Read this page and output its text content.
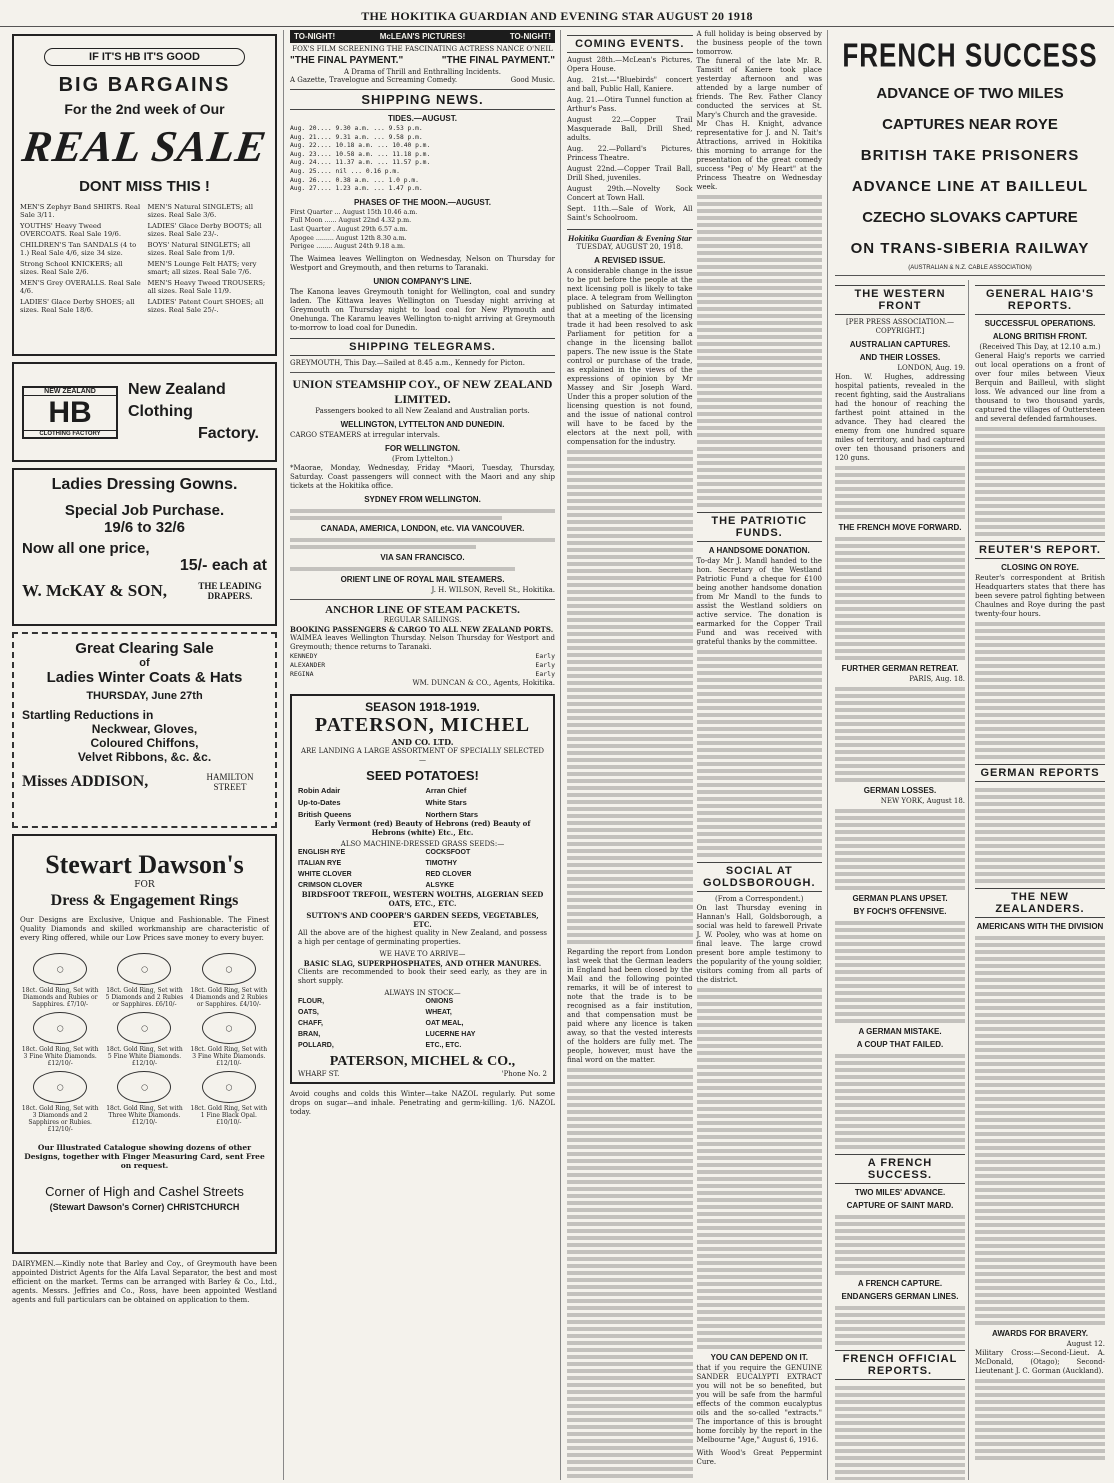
THE HOKITIKA GUARDIAN AND EVENING STAR AUGUST 20 1918
IF IT'S HB IT'S GOOD
BIG BARGAINS
For the 2nd week of Our
REAL SALE
DONT MISS THIS !
MEN'S Zephyr Band SHIRTS. Real Sale 3/11.
MEN'S Natural SINGLETS; all sizes. Real Sale 3/6.
YOUTHS' Heavy Tweed OVERCOATS. Real Sale 19/6.
LADIES' Glace Derby BOOTS; all sizes. Real Sale 23/-.
CHILDREN'S Tan SANDALS (4 to 1.) Real Sale 4/6, size 34 size.
BOYS' Natural SINGLETS; all sizes. Real Sale from 1/9.
Strong School KNICKERS; all sizes. Real Sale 2/6.
MEN'S Lounge Felt HATS; very smart; all sizes. Real Sale 7/6.
MEN'S Grey OVERALLS. Real Sale 4/6.
MEN'S Heavy Tweed TROUSERS; all sizes. Real Sale 11/9.
LADIES' Glace Derby SHOES; all sizes. Real Sale 18/6.
LADIES' Patent Court SHOES; all sizes. Real Sale 25/-.
NEW ZEALAND
HB
CLOTHING FACTORY
New Zealand
Clothing
Factory.
Ladies Dressing Gowns.
Special Job Purchase.
19/6 to 32/6
Now all one price,
15/- each at
W. McKAY & SON,	THE LEADING DRAPERS.
Great Clearing Sale
of
Ladies Winter Coats & Hats
THURSDAY, June 27th
Startling Reductions in
Neckwear, Gloves,
Coloured Chiffons,
Velvet Ribbons, &c. &c.
Misses ADDISON,	HAMILTON STREET
Stewart Dawson's
FOR
Dress & Engagement Rings
Our Designs are Exclusive, Unique and Fashionable. The Finest Quality Diamonds and skilled workmanship are characteristic of every Ring offered, while our Low Prices save money to every buyer.
◯
18ct. Gold Ring, Set with Diamonds and Rubies or Sapphires. £7/10/-
◯
18ct. Gold Ring, Set with 5 Diamonds and 2 Rubies or Sapphires. £6/10/-
◯
18ct. Gold Ring, Set with 4 Diamonds and 2 Rubies or Sapphires. £4/10/-
◯
18ct. Gold Ring, Set with 3 Fine White Diamonds. £12/10/-
◯
18ct. Gold Ring, Set with 5 Fine White Diamonds. £12/10/-
◯
18ct. Gold Ring, Set with 3 Fine White Diamonds. £12/10/-
◯
18ct. Gold Ring, Set with 3 Diamonds and 2 Sapphires or Rubies. £12/10/-
◯
18ct. Gold Ring, Set with Three White Diamonds. £12/10/-
◯
18ct. Gold Ring, Set with 1 Fine Black Opal. £10/10/-
Our Illustrated Catalogue showing dozens of other Designs, together with Finger Measuring Card, sent Free on request.
Corner of High and Cashel Streets
(Stewart Dawson's Corner) CHRISTCHURCH
DAIRYMEN.—Kindly note that Barley and Coy., of Greymouth have been appointed District Agents for the Alfa Laval Separator, the best and most efficient on the market. Terms can be arranged with Barley & Co., Ltd., agents. Messrs. Jeffries and Co., Ross, have been appointed Westland agents and full particulars can be obtained on application to them.
TO-NIGHT!	McLEAN'S PICTURES!	TO-NIGHT!
FOX'S FILM SCREENING THE FASCINATING ACTRESS NANCE O'NEIL
"THE FINAL PAYMENT."	"THE FINAL PAYMENT."
A Drama of Thrill and Enthralling Incidents.
A Gazette, Travelogue and Screaming Comedy.	Good Music.
SHIPPING NEWS.
TIDES.—AUGUST.
Aug. 20.... 9.30 a.m. ... 9.53 p.m.
Aug. 21.... 9.31 a.m. ... 9.58 p.m.
Aug. 22.... 10.18 a.m. ... 10.40 p.m.
Aug. 23.... 10.58 a.m. ... 11.18 p.m.
Aug. 24.... 11.37 a.m. ... 11.57 p.m.
Aug. 25.... nil ... 0.16 p.m.
Aug. 26.... 0.38 a.m. ... 1.0 p.m.
Aug. 27.... 1.23 a.m. ... 1.47 p.m.
PHASES OF THE MOON.—AUGUST.
First Quarter ... August 15th 10.46 a.m.
Full Moon ...... August 22nd 4.32 p.m.
Last Quarter . August 29th 6.57 a.m.
Apogee ......... August 12th 8.30 a.m.
Perigee ........ August 24th 9.18 a.m.
The Waimea leaves Wellington on Wednesday, Nelson on Thursday for Westport and Greymouth, and then returns to Taranaki.
UNION COMPANY'S LINE.
The Kanona leaves Greymouth tonight for Wellington, coal and sundry laden. The Kittawa leaves Wellington on Tuesday night arriving at Greymouth on Thursday night to load coal for New Plymouth and Onehunga. The Karamu leaves Wellington to-night arriving at Greymouth to-morrow to load coal for Dunedin.
SHIPPING TELEGRAMS.
GREYMOUTH, This Day.—Sailed at 8.45 a.m., Kennedy for Picton.
UNION STEAMSHIP COY., OF NEW ZEALAND LIMITED.
Passengers booked to all New Zealand and Australian ports.
WELLINGTON, LYTTELTON AND DUNEDIN.
CARGO STEAMERS at irregular intervals.
FOR WELLINGTON.
(From Lyttelton.)
*Maorae, Monday, Wednesday, Friday *Maori, Tuesday, Thursday, Saturday. Coast passengers will connect with the Maori and any ship tickets at the Hokitika office.
SYDNEY FROM WELLINGTON.
CANADA, AMERICA, LONDON, etc. VIA VANCOUVER.
VIA SAN FRANCISCO.
ORIENT LINE OF ROYAL MAIL STEAMERS.
J. H. WILSON, Revell St., Hokitika.
ANCHOR LINE OF STEAM PACKETS.
REGULAR SAILINGS.
BOOKING PASSENGERS & CARGO TO ALL NEW ZEALAND PORTS.
WAIMEA leaves Wellington Thursday. Nelson Thursday for Westport and Greymouth; thence returns to Taranaki.
KENNEDY	Early
ALEXANDER	Early
REGINA	Early
WM. DUNCAN & CO., Agents, Hokitika.
SEASON 1918-1919.
PATERSON, MICHEL
AND CO. LTD.
ARE LANDING A LARGE ASSORTMENT OF SPECIALLY SELECTED—
SEED POTATOES!
Robin Adair	Arran Chief
Up-to-Dates	White Stars
British Queens	Northern Stars
Early Vermont (red) Beauty of Hebrons (red) Beauty of Hebrons (white) Etc., Etc.
ALSO MACHINE-DRESSED GRASS SEEDS:—
ENGLISH RYE	COCKSFOOT
ITALIAN RYE	TIMOTHY
WHITE CLOVER	RED CLOVER
CRIMSON CLOVER	ALSYKE
BIRDSFOOT TREFOIL, WESTERN WOLTHS, ALGERIAN SEED OATS, ETC., ETC.
SUTTON'S AND COOPER'S GARDEN SEEDS, VEGETABLES, ETC.
All the above are of the highest quality in New Zealand, and possess a high per centage of germinating properties.
WE HAVE TO ARRIVE—
BASIC SLAG, SUPERPHOSPHATES, AND OTHER MANURES.
Clients are recommended to book their seed early, as they are in short supply.
ALWAYS IN STOCK—
FLOUR,	ONIONS
OATS,	WHEAT,
CHAFF,	OAT MEAL,
BRAN,	LUCERNE HAY
POLLARD,	ETC., ETC.
PATERSON, MICHEL & CO.,
WHARF ST.	'Phone No. 2
Avoid coughs and colds this Winter—take NAZOL regularly. Put some drops on sugar—and inhale. Penetrating and germ-killing. 1/6. NAZOL today.
COMING EVENTS.

August 28th.—McLean's Pictures, Opera House.

Aug. 21st.—"Bluebirds" concert and ball, Public Hall, Kaniere.

Aug. 21.—Otira Tunnel function at Arthur's Pass.

August 22.—Copper Trail Masquerade Ball, Drill Shed, adults.

Aug. 22.—Pollard's Pictures, Princess Theatre.

August 22nd.—Copper Trail Ball, Drill Shed, juveniles.

August 29th.—Novelty Sock Concert at Town Hall.

Sept. 11th.—Sale of Work, All Saint's Schoolroom.

Hokitika Guardian & Evening Star
TUESDAY, AUGUST 20, 1918.
A REVISED ISSUE.
A considerable change in the issue to be put before the people at the next licensing poll is likely to take place. A telegram from Wellington published on Saturday intimated that at a meeting of the licensing trade it had been resolved to ask Parliament for petition for a change in the licensing ballot papers. The new issue is the State control or purchase of the trade, as explained in the views of the expressions of opinion by Mr Massey and Sir Joseph Ward. Under this a proper solution of the licensing question is not found, and the issue of national control will have to be faced by the electors at the next poll, with compensation for the industry.
Regarding the report from London last week that the German leaders in England had been closed by the Mail and the following pointed remarks, it will be of interest to note that the trade is to be recognised as a fair institution, and that compensation must be paid where any licence is taken away, so that the vested interests of the holders are fully met. The people, however, must have the final word on the matter.
A full holiday is being observed by the business people of the town tomorrow.
The funeral of the late Mr. R. Tamsitt of Kaniere took place yesterday afternoon and was attended by a large number of friends. The Rev. Father Clancy conducted the services at St. Mary's Church and the graveside.
Mr Chas H. Knight, advance representative for J. and N. Tait's Attractions, arrived in Hokitika this morning to arrange for the presentation of the great comedy success "Peg o' My Heart" at the Princess Theatre on Wednesday week.
THE PATRIOTIC FUNDS.
A HANDSOME DONATION.
To-day Mr J. Mandl handed to the hon. Secretary of the Westland Patriotic Fund a cheque for £100 being another handsome donation from Mr Mandl to the funds to assist the Westland soldiers on active service. The donation is earmarked for the Copper Trail Fund and was received with grateful thanks by the committee.
SOCIAL AT GOLDSBOROUGH.
(From a Correspondent.)
On last Thursday evening in Hannan's Hall, Goldsborough, a social was held to farewell Private J. W. Pooley, who was at home on final leave. The large crowd present bore ample testimony to the popularity of the young soldier, visitors coming from all parts of the district.
YOU CAN DEPEND ON IT.
that if you require the GENUINE SANDER EUCALYPTI EXTRACT you will not be so benefited, but you will be safe from the harmful effects of the common eucalyptus oils and the so-called "extracts." The importance of this is brought home forcibly by the report in the Melbourne "Age," August 6, 1916.
With Wood's Great Peppermint Cure.
FRENCH SUCCESS
ADVANCE OF TWO MILES
CAPTURES NEAR ROYE
BRITISH TAKE PRISONERS
ADVANCE LINE AT BAILLEUL
CZECHO SLOVAKS CAPTURE
ON TRANS-SIBERIA RAILWAY
(AUSTRALIAN & N.Z. CABLE ASSOCIATION)
THE WESTERN FRONT
[PER PRESS ASSOCIATION.—COPYRIGHT.]
AUSTRALIAN CAPTURES.
AND THEIR LOSSES.
LONDON, Aug. 19.
Hon. W. Hughes, addressing hospital patients, revealed in the recent fighting, said the Australians had the honour of reaching the farthest point attained in the advance. They had cleared the enemy from one hundred square miles of territory, and had captured over ten thousand prisoners and 120 guns.
THE FRENCH MOVE FORWARD.
FURTHER GERMAN RETREAT.
PARIS, Aug. 18.
GERMAN LOSSES.
NEW YORK, August 18.
GERMAN PLANS UPSET.
BY FOCH'S OFFENSIVE.
A GERMAN MISTAKE.
A COUP THAT FAILED.
A FRENCH SUCCESS.
TWO MILES' ADVANCE.
CAPTURE OF SAINT MARD.
A FRENCH CAPTURE.
ENDANGERS GERMAN LINES.
FRENCH OFFICIAL REPORTS.
GENERAL HAIG'S REPORTS.
SUCCESSFUL OPERATIONS.
ALONG BRITISH FRONT.
(Received This Day, at 12.10 a.m.)
General Haig's reports we carried out local operations on a front of over four miles between Vieux Berquin and Bailleul, with slight loss. We advanced our line from a thousand to two thousand yards, captured the villages of Outtersteen and several defended farmhouses.
REUTER'S REPORT.
CLOSING ON ROYE.
Reuter's correspondent at British Headquarters states that there has been severe patrol fighting between Chaulnes and Roye during the past twenty-four hours.
GERMAN REPORTS
THE NEW ZEALANDERS.
AMERICANS WITH THE DIVISION
AWARDS FOR BRAVERY.
August 12.
Military Cross:—Second-Lieut. A. McDonald, (Otago); Second-Lieutenant J. C. Gorman (Auckland).
